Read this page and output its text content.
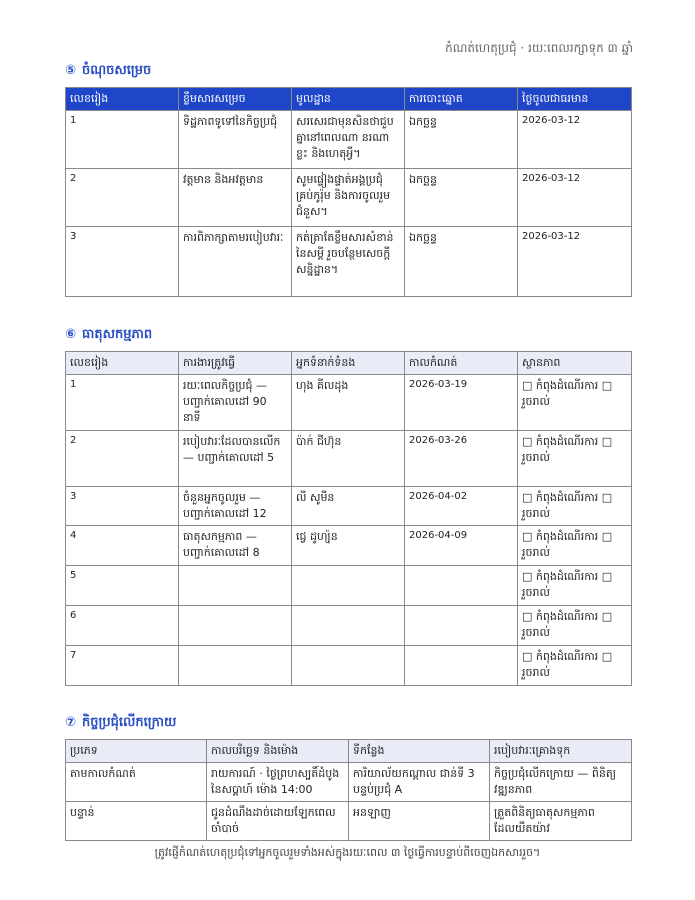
កំណត់ហេតុប្រជុំ · រយៈពេលរក្សាទុក ៣ ឆ្នាំ
⑤ ចំណុចសម្រេច
លេខរៀង	ខ្លឹមសារសម្រេច	មូលដ្ឋាន	ការបោះឆ្នោត	ថ្ងៃចូលជាធរមាន
1	ទិដ្ឋភាពទូទៅនៃកិច្ចប្រជុំ	សរសេរជាមុនសិនថាជួបគ្នានៅពេលណា នរណាខ្លះ និងហេតុអ្វី។	ឯកច្ឆន្ទ	2026-03-12
2	វត្តមាន និងអវត្តមាន	សូមផ្ទៀងផ្ទាត់អង្គប្រជុំគ្រប់កូរ៉ុម និងការចូលរួមជំនួស។	ឯកច្ឆន្ទ	2026-03-12
3	ការពិភាក្សាតាមរបៀបវារៈ	កត់ត្រាតែខ្លឹមសារសំខាន់នៃសម្តី រួចបន្ថែមសេចក្តីសន្និដ្ឋាន។	ឯកច្ឆន្ទ	2026-03-12
⑥ ធាតុសកម្មភាព
លេខរៀង	ការងារត្រូវធ្វើ	អ្នកទំនាក់ទំនង	កាលកំណត់	ស្ថានភាព
1	រយៈពេលកិច្ចប្រជុំ — បញ្ជាក់គោលដៅ 90 នាទី	ហុង គីលដុង	2026-03-19	□ កំពុងដំណើរការ □ រួចរាល់
2	របៀបវារៈដែលបានលើក — បញ្ជាក់គោលដៅ 5	ប៉ាក់ ជីហ៊ុន	2026-03-26	□ កំពុងដំណើរការ □ រួចរាល់
3	ចំនួនអ្នកចូលរួម — បញ្ជាក់គោលដៅ 12	លី សូមីន	2026-04-02	□ កំពុងដំណើរការ □ រួចរាល់
4	ធាតុសកម្មភាព — បញ្ជាក់គោលដៅ 8	ជ្វេ ដូហ្យ៉ុន	2026-04-09	□ កំពុងដំណើរការ □ រួចរាល់
5				□ កំពុងដំណើរការ □ រួចរាល់
6				□ កំពុងដំណើរការ □ រួចរាល់
7				□ កំពុងដំណើរការ □ រួចរាល់
⑦ កិច្ចប្រជុំលើកក្រោយ
ប្រភេទ	កាលបរិច្ឆេទ និងម៉ោង	ទីកន្លែង	របៀបវារៈគ្រោងទុក
តាមកាលកំណត់	រាយការណ៍ · ថ្ងៃព្រហស្បតិ៍ដំបូងនៃសប្តាហ៍ ម៉ោង 14:00	ការិយាល័យកណ្តាល ជាន់ទី 3 បន្ទប់ប្រជុំ A	កិច្ចប្រជុំលើកក្រោយ — ពិនិត្យវឌ្ឍនភាព
បន្ទាន់	ជូនដំណឹងដាច់ដោយឡែកពេលចាំបាច់	អនឡាញ	ត្រួតពិនិត្យធាតុសកម្មភាពដែលយឺតយ៉ាវ
ត្រូវផ្ញើកំណត់ហេតុប្រជុំទៅអ្នកចូលរួមទាំងអស់ក្នុងរយៈពេល ៣ ថ្ងៃធ្វើការបន្ទាប់ពីចេញឯកសាររួច។
